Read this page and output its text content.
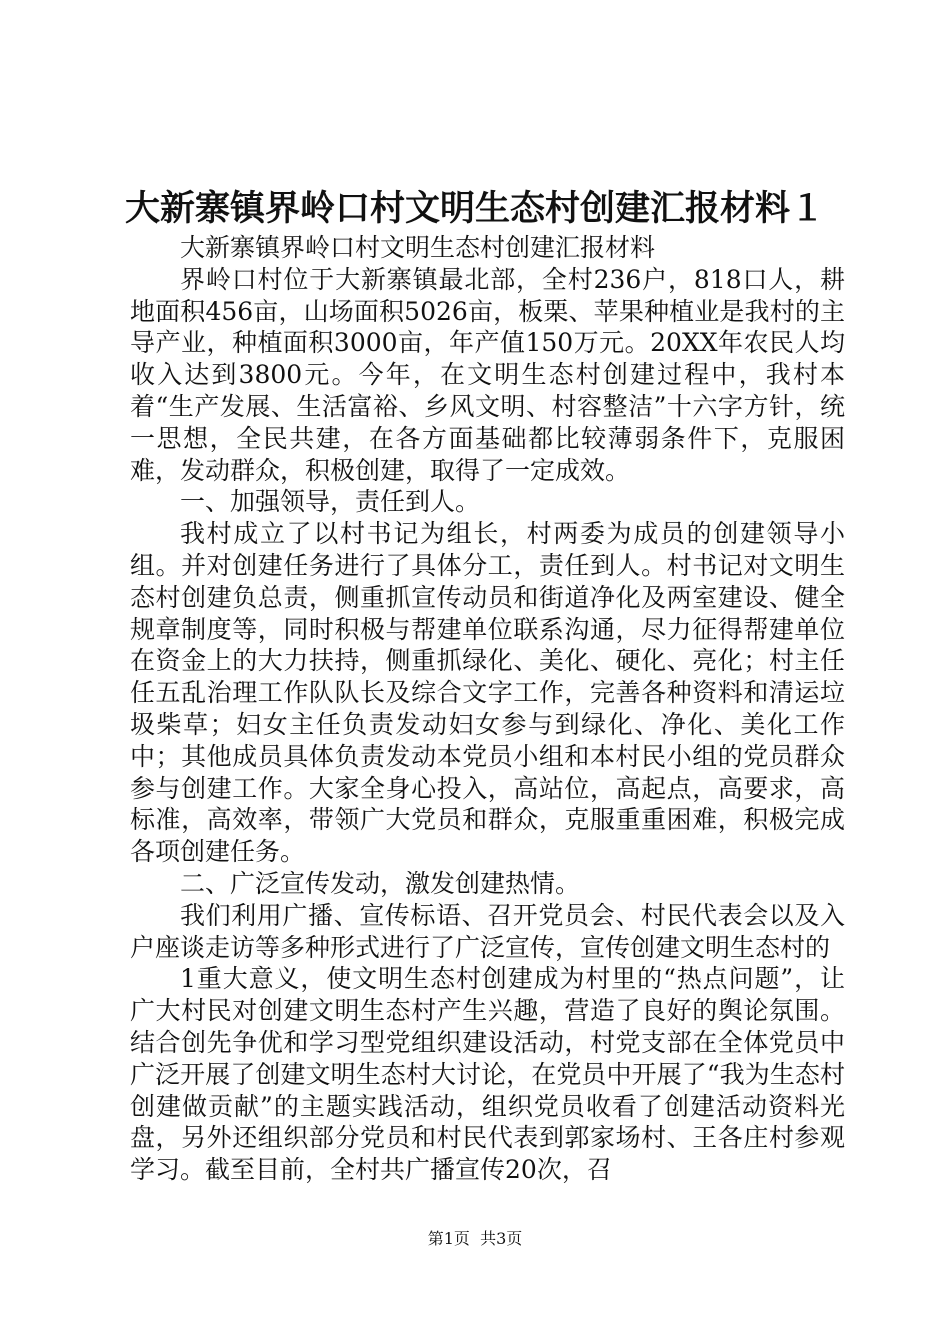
大新寨镇界岭口村文明生态村创建汇报材料１

大新寨镇界岭口村文明生态村创建汇报材料

界岭口村位于大新寨镇最北部，全村236户，818口人，耕地面积456亩，山场面积5026亩，板栗、苹果种植业是我村的主导产业，种植面积3000亩，年产值150万元。20XX年农民人均收入达到3800元。今年，在文明生态村创建过程中，我村本着“生产发展、生活富裕、乡风文明、村容整洁”十六字方针，统一思想，全民共建，在各方面基础都比较薄弱条件下，克服困难，发动群众，积极创建，取得了一定成效。

一、加强领导，责任到人。

我村成立了以村书记为组长，村两委为成员的创建领导小组。并对创建任务进行了具体分工，责任到人。村书记对文明生态村创建负总责，侧重抓宣传动员和街道净化及两室建设、健全规章制度等，同时积极与帮建单位联系沟通，尽力征得帮建单位在资金上的大力扶持，侧重抓绿化、美化、硬化、亮化；村主任任五乱治理工作队队长及综合文字工作，完善各种资料和清运垃圾柴草；妇女主任负责发动妇女参与到绿化、净化、美化工作中；其他成员具体负责发动本党员小组和本村民小组的党员群众参与创建工作。大家全身心投入，高站位，高起点，高要求，高标准，高效率，带领广大党员和群众，克服重重困难，积极完成各项创建任务。

二、广泛宣传发动，激发创建热情。

我们利用广播、宣传标语、召开党员会、村民代表会以及入户座谈走访等多种形式进行了广泛宣传，宣传创建文明生态村的

1重大意义，使文明生态村创建成为村里的“热点问题”，让广大村民对创建文明生态村产生兴趣，营造了良好的舆论氛围。结合创先争优和学习型党组织建设活动，村党支部在全体党员中广泛开展了创建文明生态村大讨论，在党员中开展了“我为生态村创建做贡献”的主题实践活动，组织党员收看了创建活动资料光盘，另外还组织部分党员和村民代表到郭家场村、王各庄村参观学习。截至目前，全村共广播宣传20次，召

第1页  共3页
